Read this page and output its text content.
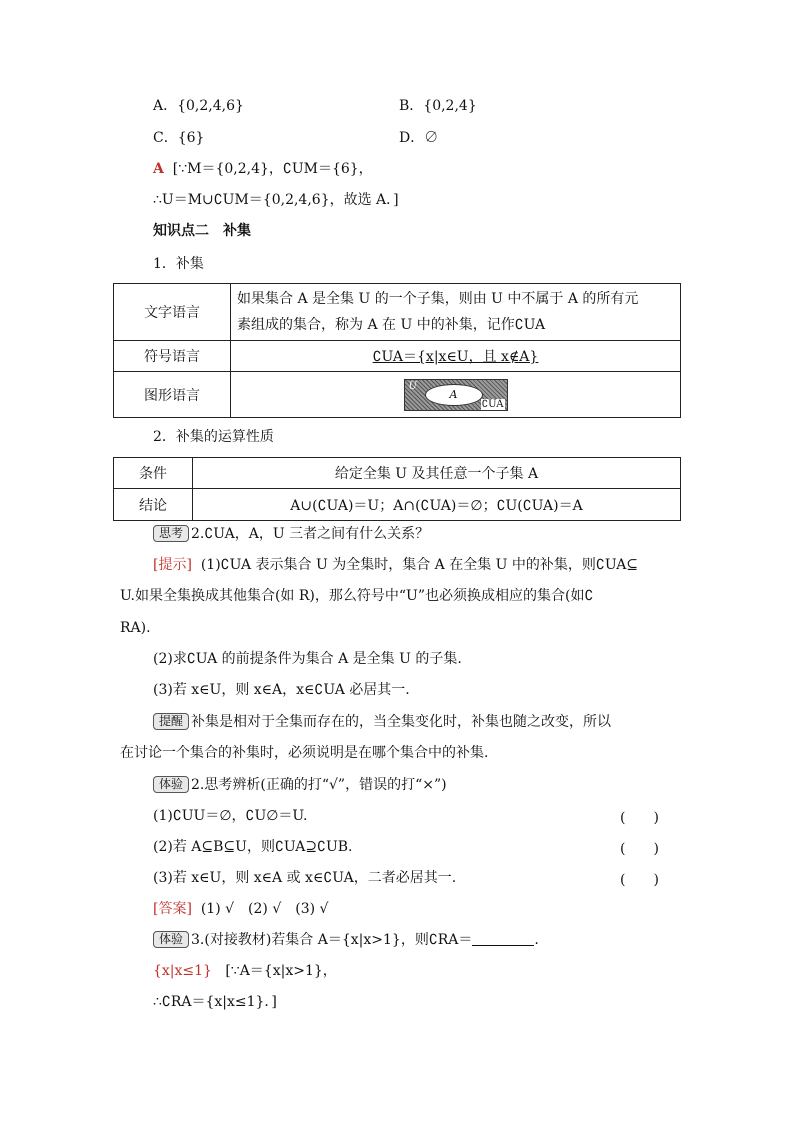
A．{0,2,4,6}	B．{0,2,4}
C．{6}	D．∅
A [∵M＝{0,2,4}，∁UM＝{6}，
∴U＝M∪∁UM＝{0,2,4,6}，故选 A．]
知识点二　补集
1．补集
文字语言	如果集合 A 是全集 U 的一个子集，则由 U 中不属于 A 的所有元
素组成的集合，称为 A 在 U 中的补集，记作∁UA

符号语言	∁UA＝{x|x∈U，且 x∉A}
图形语言	U
A
∁UA
2．补集的运算性质
条件	给定全集 U 及其任意一个子集 A
结论	A∪(∁UA)＝U；A∩(∁UA)＝∅；∁U(∁UA)＝A
思考 2.∁UA，A，U 三者之间有什么关系？
[提示] (1)∁UA 表示集合 U 为全集时，集合 A 在全集 U 中的补集，则∁UA⊆
U.如果全集换成其他集合(如 R)，那么符号中“U”也必须换成相应的集合(如∁
RA).
(2)求∁UA 的前提条件为集合 A 是全集 U 的子集.
(3)若 x∈U，则 x∈A，x∈∁UA 必居其一.
提醒 补集是相对于全集而存在的，当全集变化时，补集也随之改变，所以
在讨论一个集合的补集时，必须说明是在哪个集合中的补集.
体验 2.思考辨析(正确的打“√”，错误的打“×”)
(1)∁UU＝∅，∁U∅＝U.	(　　)
(2)若 A⊆B⊆U，则∁UA⊇∁UB.	(　　)
(3)若 x∈U，则 x∈A 或 x∈∁UA，二者必居其一.	(　　)
[答案] (1) √　(2) √　(3) √
体验 3.(对接教材)若集合 A＝{x|x>1}，则∁RA＝	.
{x|x≤1} [∵A＝{x|x>1}，
∴∁RA＝{x|x≤1}．]
